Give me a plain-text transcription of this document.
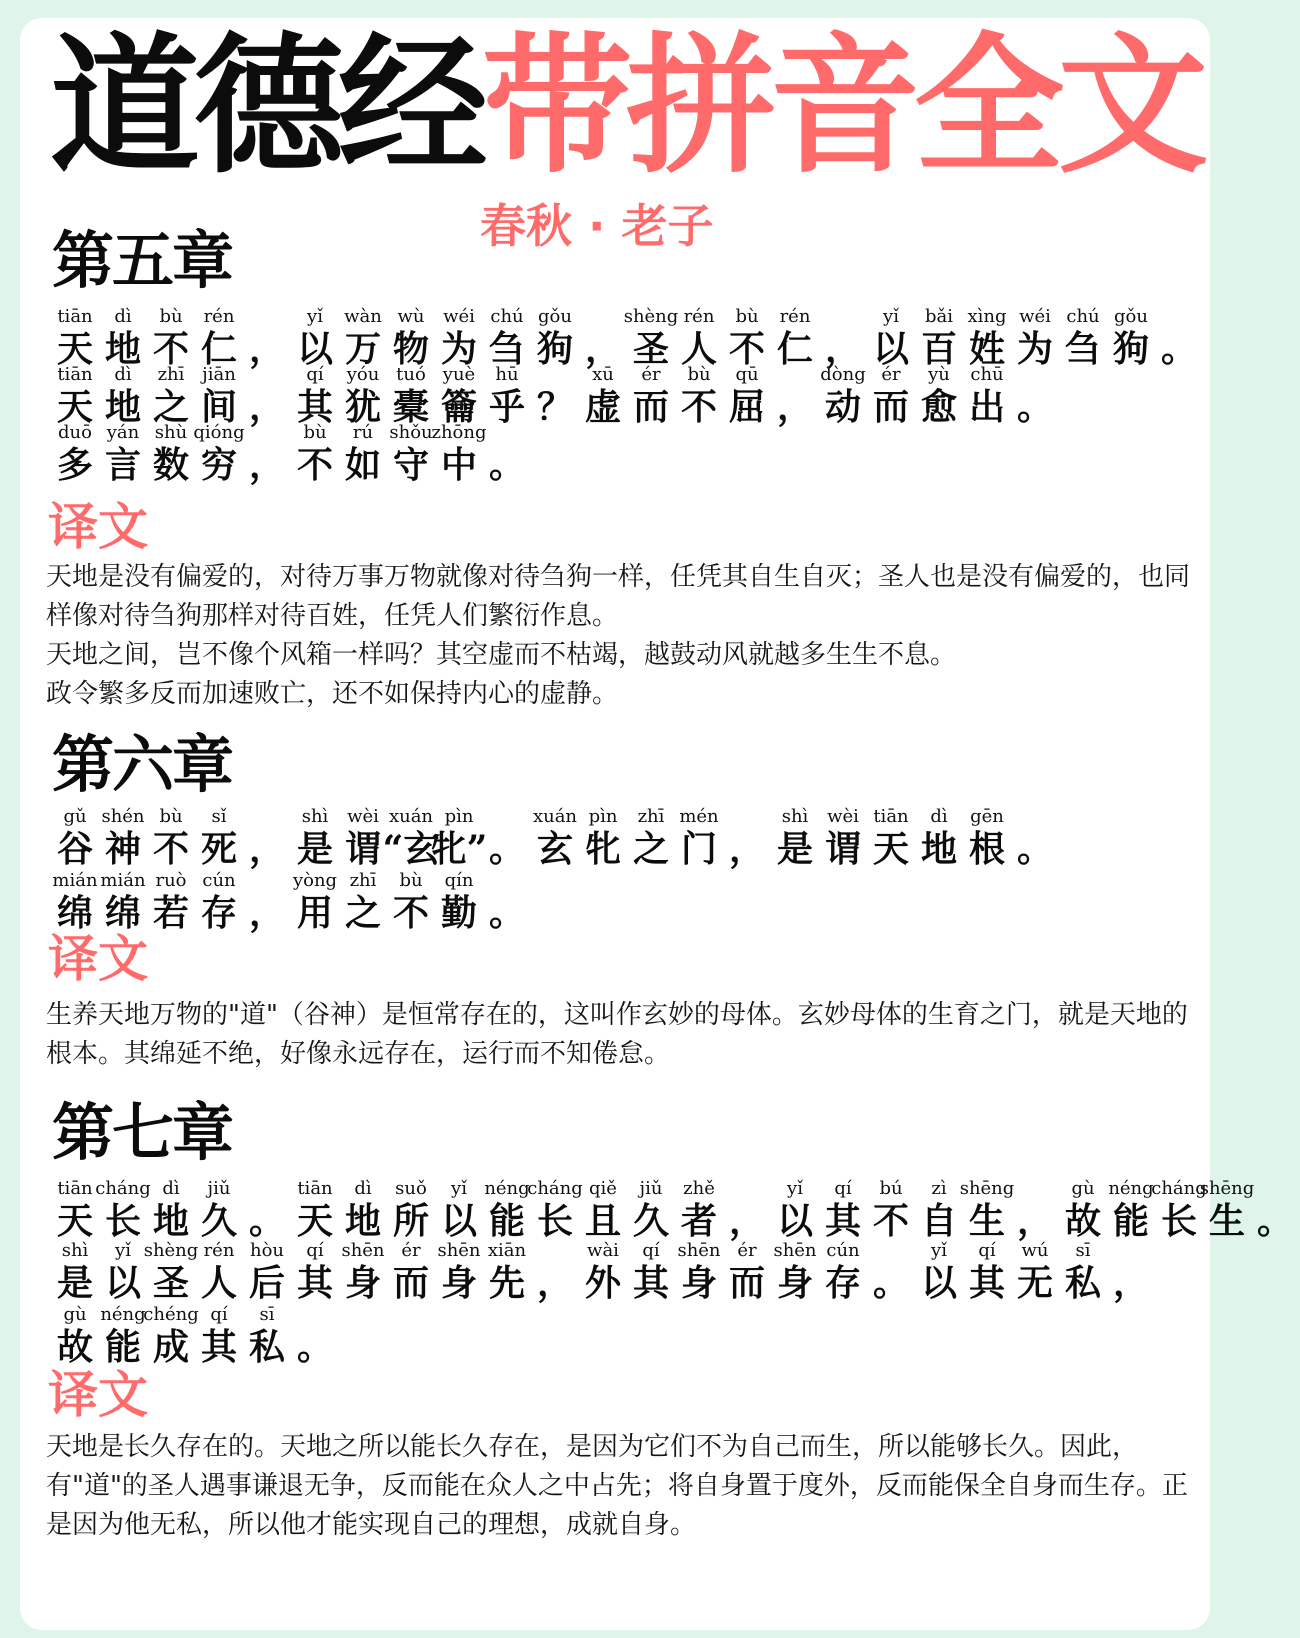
道德经带拼音全文
春秋 · 老子
第五章
tiān
天
dì
地
bù
不
rén
仁 ，
yǐ
以
wàn
万
wù
物
wéi
为
chú
刍
gǒu
狗 ，
shèng
圣
rén
人
bù
不
rén
仁 ，
yǐ
以
bǎi
百
xìng
姓
wéi
为
chú
刍
gǒu
狗 。
tiān
天
dì
地
zhī
之
jiān
间 ，
qí
其
yóu
犹
tuó
橐
yuè
籥
hū
乎 ？
xū
虚
ér
而
bù
不
qū
屈 ，
dòng
动
ér
而
yù
愈
chū
出 。
duō
多
yán
言
shù
数
qióng
穷 ，
bù
不
rú
如
shǒu
守
zhōng
中 。
译文

天地是没有偏爱的，对待万事万物就像对待刍狗一样，任凭其自生自灭；圣人也是没有偏爱的，也同样像对待刍狗那样对待百姓，任凭人们繁衍作息。

天地之间，岂不像个风箱一样吗？其空虚而不枯竭，越鼓动风就越多生生不息。

政令繁多反而加速败亡，还不如保持内心的虚静。

第六章
gǔ
谷
shén
神
bù
不
sǐ
死 ，
shì
是
wèi
谓
xuán
“玄
pìn
牝” 。
xuán
玄
pìn
牝
zhī
之
mén
门 ，
shì
是
wèi
谓
tiān
天
dì
地
gēn
根 。
mián
绵
mián
绵
ruò
若
cún
存 ，
yòng
用
zhī
之
bù
不
qín
勤 。
译文

生养天地万物的"道"（谷神）是恒常存在的，这叫作玄妙的母体。玄妙母体的生育之门，就是天地的根本。其绵延不绝，好像永远存在，运行而不知倦怠。

第七章
tiān
天
cháng
长
dì
地
jiǔ
久 。
tiān
天
dì
地
suǒ
所
yǐ
以
néng
能
cháng
长
qiě
且
jiǔ
久
zhě
者 ，
yǐ
以
qí
其
bú
不
zì
自
shēng
生 ，
gù
故
néng
能
cháng
长
shēng
生 。
shì
是
yǐ
以
shèng
圣
rén
人
hòu
后
qí
其
shēn
身
ér
而
shēn
身
xiān
先 ，
wài
外
qí
其
shēn
身
ér
而
shēn
身
cún
存 。
yǐ
以
qí
其
wú
无
sī
私 ，
gù
故
néng
能
chéng
成
qí
其
sī
私 。
译文

天地是长久存在的。天地之所以能长久存在，是因为它们不为自己而生，所以能够长久。因此，有"道"的圣人遇事谦退无争，反而能在众人之中占先；将自身置于度外，反而能保全自身而生存。正是因为他无私，所以他才能实现自己的理想，成就自身。
